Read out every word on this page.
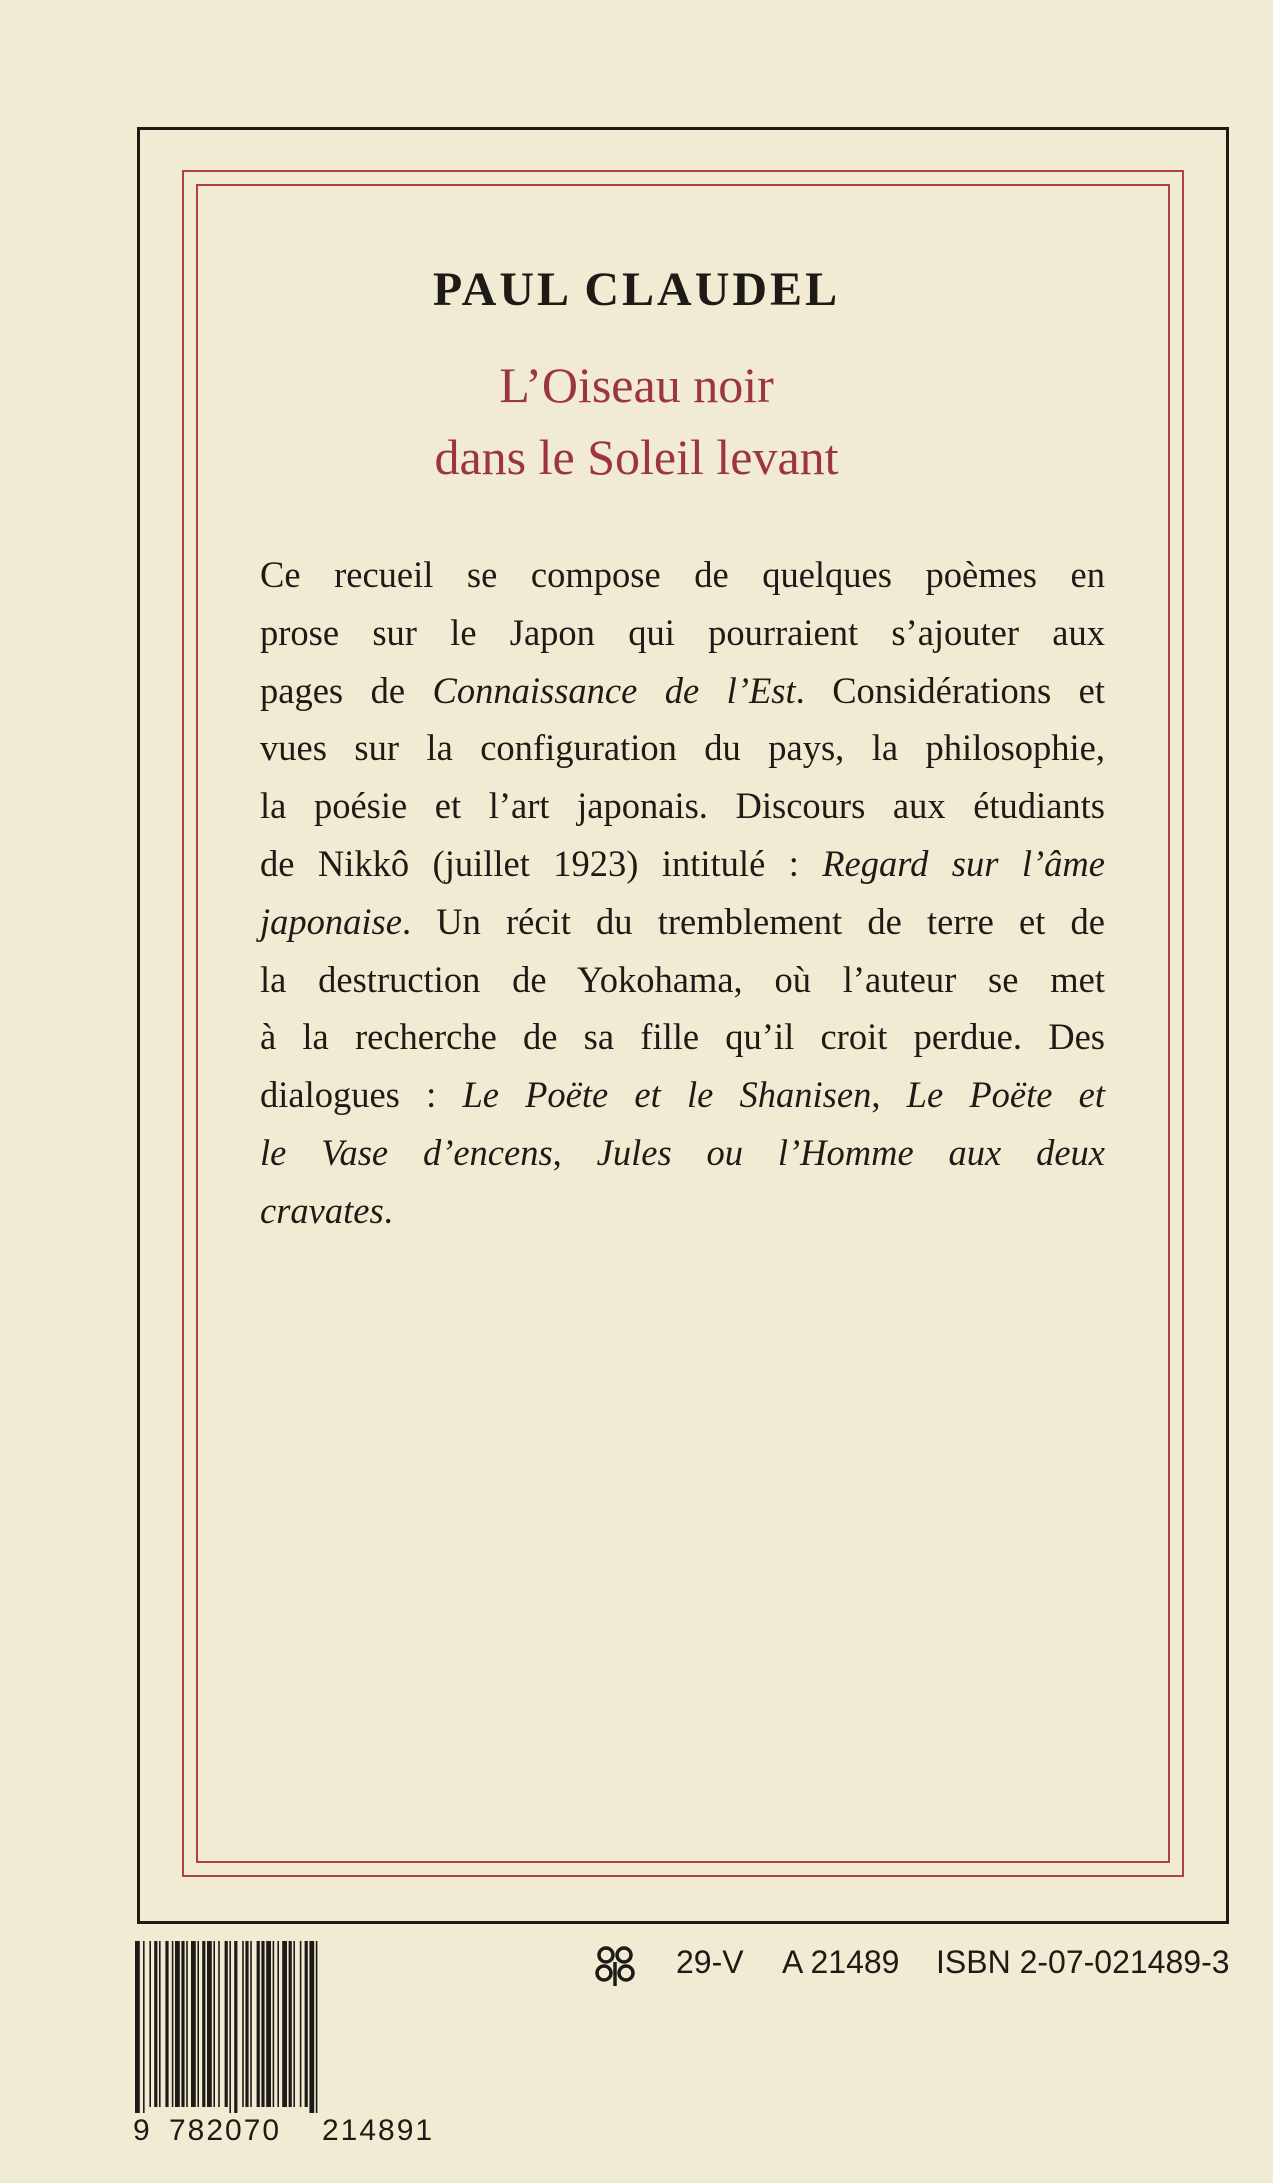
PAUL CLAUDEL
L’Oiseau noir
dans le Soleil levant
Ce recueil se compose de quelques poèmes en
prose sur le Japon qui pourraient s’ajouter aux
pages de Connaissance de l’Est. Considérations et
vues sur la configuration du pays, la philosophie,
la poésie et l’art japonais. Discours aux étudiants
de Nikkô (juillet 1923) intitulé : Regard sur l’âme
japonaise. Un récit du tremblement de terre et de
la destruction de Yokohama, où l’auteur se met
à la recherche de sa fille qu’il croit perdue. Des
dialogues : Le Poëte et le Shanisen, Le Poëte et
le Vase d’encens, Jules ou l’Homme aux deux
cravates.
9 782070 214891
29-V A 21489 ISBN 2-07-021489-3
